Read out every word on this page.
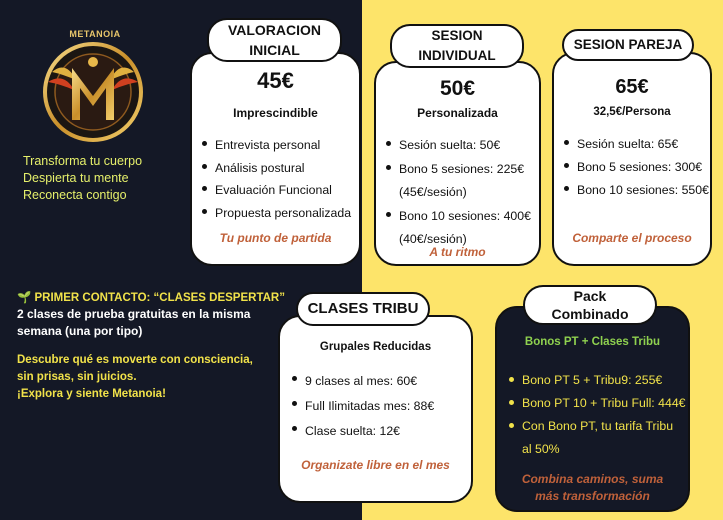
METANOIA
Transforma tu cuerpo
Despierta tu mente
Reconecta contigo
🌱 PRIMER CONTACTO: “CLASES DESPERTAR”
2 clases de prueba gratuitas en la misma
semana (una por tipo)
Descubre qué es moverte con consciencia,
sin prisas, sin juicios.
¡Explora y siente Metanoia!
45€
Imprescindible
Entrevista personal
Análisis postural
Evaluación Funcional
Propuesta personalizada
Tu punto de partida
VALORACION
INICIAL
50€
Personalizada
Sesión suelta: 50€
Bono 5 sesiones: 225€
(45€/sesión)
Bono 10 sesiones: 400€
(40€/sesión)
A tu ritmo
SESION
INDIVIDUAL
65€
32,5€/Persona
Sesión suelta: 65€
Bono 5 sesiones: 300€
Bono 10 sesiones: 550€
Comparte el proceso
SESION PAREJA
Grupales Reducidas
9 clases al mes: 60€
Full Ilimitadas mes: 88€
Clase suelta: 12€
Organizate libre en el mes
CLASES TRIBU
Bonos PT + Clases Tribu
Bono PT 5 + Tribu9: 255€
Bono PT 10 + Tribu Full: 444€
Con Bono PT, tu tarifa Tribu
al 50%
Combina caminos, suma
más transformación
Pack
Combinado
